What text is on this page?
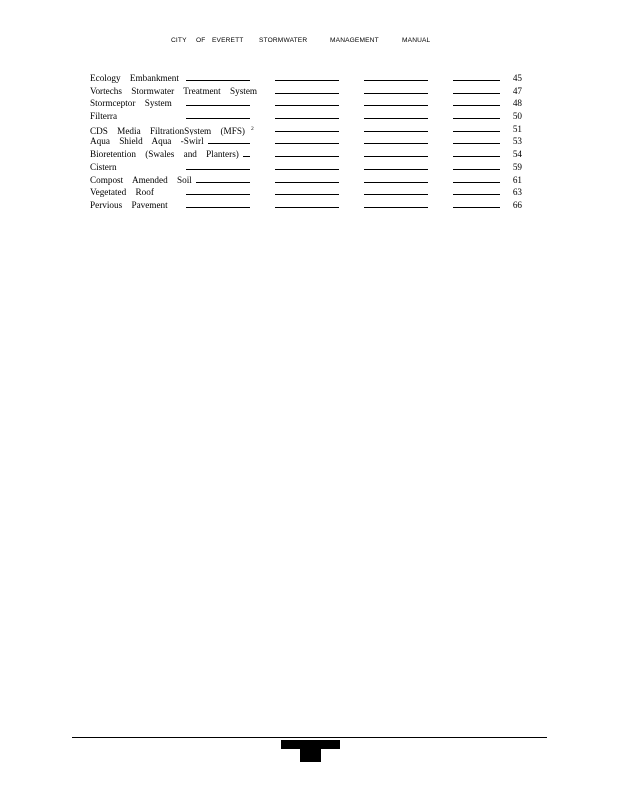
CITY OF EVERETT STORMWATER	MANAGEMENT	MANUAL
Ecology Embankment	45
Vortechs Stormwater Treatment System	47
Stormceptor System	48
Filterra	50
CDS Media FiltrationSystem (MFS) $^2$	51
Aqua Shield Aqua -Swirl	53
Bioretention (Swales and Planters)	54
Cistern	59
Compost Amended Soil	61
Vegetated Roof	63
Pervious Pavement	66
